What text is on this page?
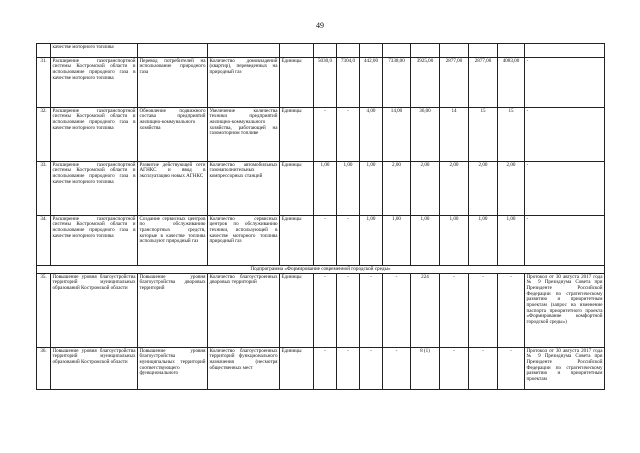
49
	качестве моторного топлива												
31.	Расширение газотранспортной системы Костромской области и использование природного газа в качестве моторного топлива	Перевод потребителей на использование природного газа	Количество домовладений (квартир), переведенных на природный газ	Единицы	5030,0	7304,0	442,00	7338,00	3925,00	2877,00	2877,00	4083,00	-
32.	Расширение газотранспортной системы Костромской области и использование природного газа в качестве моторного топлива	Обновление подвижного состава предприятий жилищно-коммунального хозяйства	Увеличение количества техники предприятий жилищно-коммунального хозяйства, работающей на газомоторном топливе	Единицы	-	-	4,00	14,00	36,00	14	15	15	-
33.	Расширение газотранспортной системы Костромской области и использование природного газа в качестве моторного топлива	Развитие действующей сети АГНКС и ввод в эксплуатацию новых АГНКС	Количество автомобильных газонаполнительных компрессорных станций	Единицы	1,00	1,00	1,00	2,00	2,00	2,00	2,00	2,00	-
34.	Расширение газотранспортной системы Костромской области и использование природного газа в качестве моторного топлива	Создание сервисных центров по обслуживанию транспортных средств, которые в качестве топлива используют природный газ	Количество сервисных центров по обслуживанию техники, использующей в качестве моторного топлива природный газ	Единицы	-	-	1,00	1,00	1,00	1,00	1,00	1,00	-
Подпрограмма «Формирование современной городской среды»													
35.	Повышение уровня благоустройства территорий муниципальных образований Костромской области	Повышение уровня благоустройства дворовых территорий	Количество благоустроенных дворовых территорий	Единицы	-	-	-	-	224	-	-	-	Протокол от 30 августа 2017 года № 9 Президиума Совета при Президенте Российской Федерации по стратегическому развитию и приоритетным проектам (запрос на изменение паспорта приоритетного проекта «Формирование комфортной городской среды»)
36.	Повышение уровня благоустройства территорий муниципальных образований Костромской области	Повышение уровня благоустройства муниципальных территорий соответствующего функционального	Количество благоустроенных территорий функционального назначения (несмотря общественных мест	Единицы	-	-	-	-	8 (1)	-	-	-	Протокол от 30 августа 2017 года № 9 Президиума Совета при Президенте Российской Федерации по стратегическому развитию и приоритетным проектам
